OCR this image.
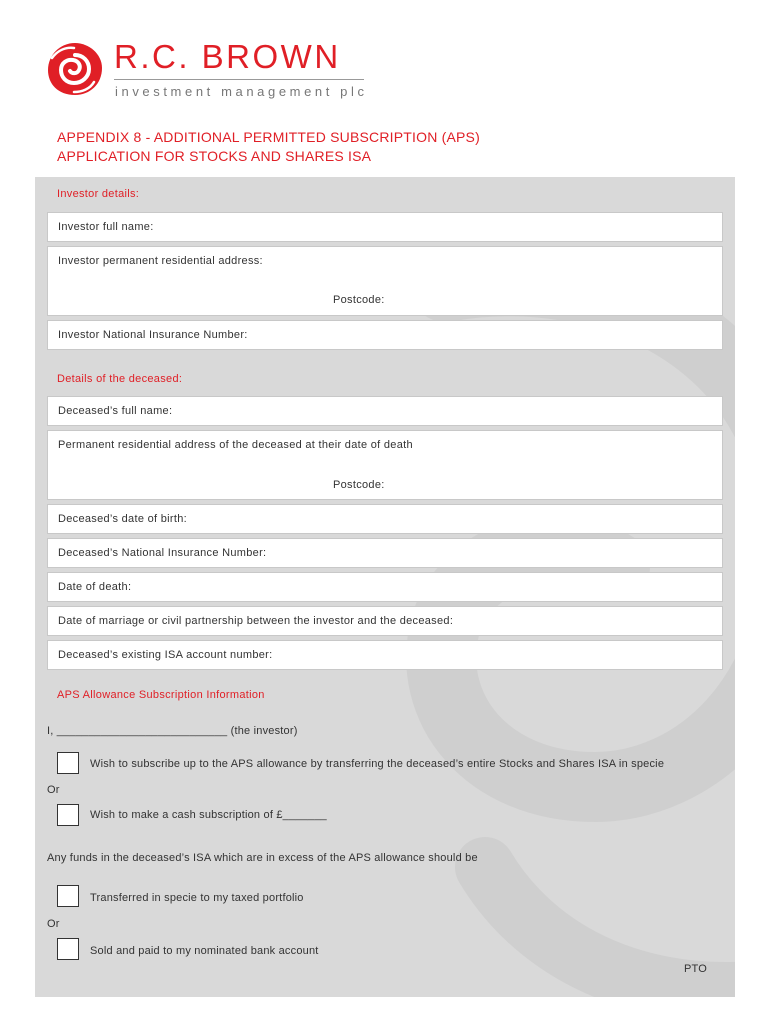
R.C. BROWN
investment management plc
APPENDIX 8 - ADDITIONAL PERMITTED SUBSCRIPTION (APS)
APPLICATION FOR STOCKS AND SHARES ISA
Investor details:
Investor full name:
Investor permanent residential address:
Postcode:
Investor National Insurance Number:
Details of the deceased:
Deceased’s full name:
Permanent residential address of the deceased at their date of death
Postcode:
Deceased’s date of birth:
Deceased’s National Insurance Number:
Date of death:
Date of marriage or civil partnership between the investor and the deceased:
Deceased’s existing ISA account number:
APS Allowance Subscription Information
I, ___________________________ (the investor)
Wish to subscribe up to the APS allowance by transferring the deceased’s entire Stocks and Shares ISA in specie
Or
Wish to make a cash subscription of £_______
Any funds in the deceased’s ISA which are in excess of the APS allowance should be
Transferred in specie to my taxed portfolio
Or
Sold and paid to my nominated bank account
PTO
